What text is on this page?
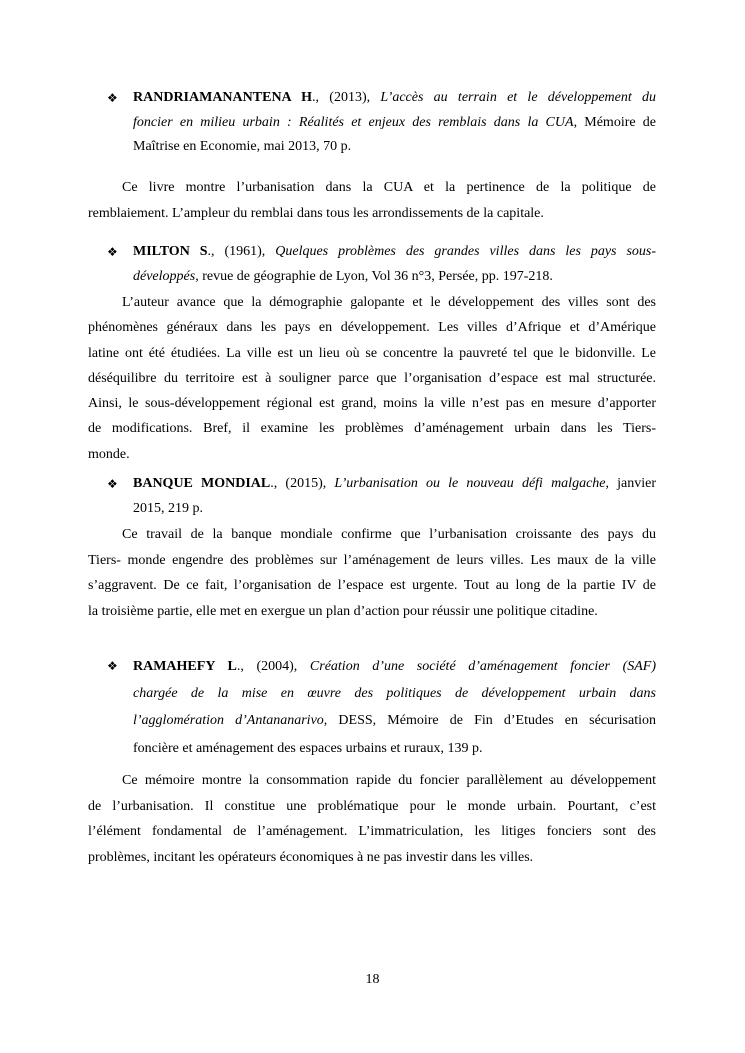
❖	RANDRIAMANANTENA H., (2013), L’accès au terrain et le développement du
foncier en milieu urbain : Réalités et enjeux des remblais dans la CUA, Mémoire de
Maîtrise en Economie, mai 2013, 70 p.
Ce livre montre l’urbanisation dans la CUA et la pertinence de la politique de
remblaiement. L’ampleur du remblai dans tous les arrondissements de la capitale.
❖	MILTON S., (1961), Quelques problèmes des grandes villes dans les pays sous-
développés, revue de géographie de Lyon, Vol 36 n°3, Persée, pp. 197-218.
L’auteur avance que la démographie galopante et le développement des villes sont des
phénomènes généraux dans les pays en développement. Les villes d’Afrique et d’Amérique
latine ont été étudiées. La ville est un lieu où se concentre la pauvreté tel que le bidonville. Le
déséquilibre du territoire est à souligner parce que l’organisation d’espace est mal structurée.
Ainsi, le sous-développement régional est grand, moins la ville n’est pas en mesure d’apporter
de modifications. Bref, il examine les problèmes d’aménagement urbain dans les Tiers-
monde.
❖	BANQUE MONDIAL., (2015), L’urbanisation ou le nouveau défi malgache, janvier
2015, 219 p.
Ce travail de la banque mondiale confirme que l’urbanisation croissante des pays du
Tiers- monde engendre des problèmes sur l’aménagement de leurs villes. Les maux de la ville
s’aggravent. De ce fait, l’organisation de l’espace est urgente. Tout au long de la partie IV de
la troisième partie, elle met en exergue un plan d’action pour réussir une politique citadine.
❖	RAMAHEFY L., (2004), Création d’une société d’aménagement foncier (SAF)
chargée de la mise en œuvre des politiques de développement urbain dans
l’agglomération d’Antananarivo, DESS, Mémoire de Fin d’Etudes en sécurisation
foncière et aménagement des espaces urbains et ruraux, 139 p.
Ce mémoire montre la consommation rapide du foncier parallèlement au développement
de l’urbanisation. Il constitue une problématique pour le monde urbain. Pourtant, c’est
l’élément fondamental de l’aménagement. L’immatriculation, les litiges fonciers sont des
problèmes, incitant les opérateurs économiques à ne pas investir dans les villes.
18
